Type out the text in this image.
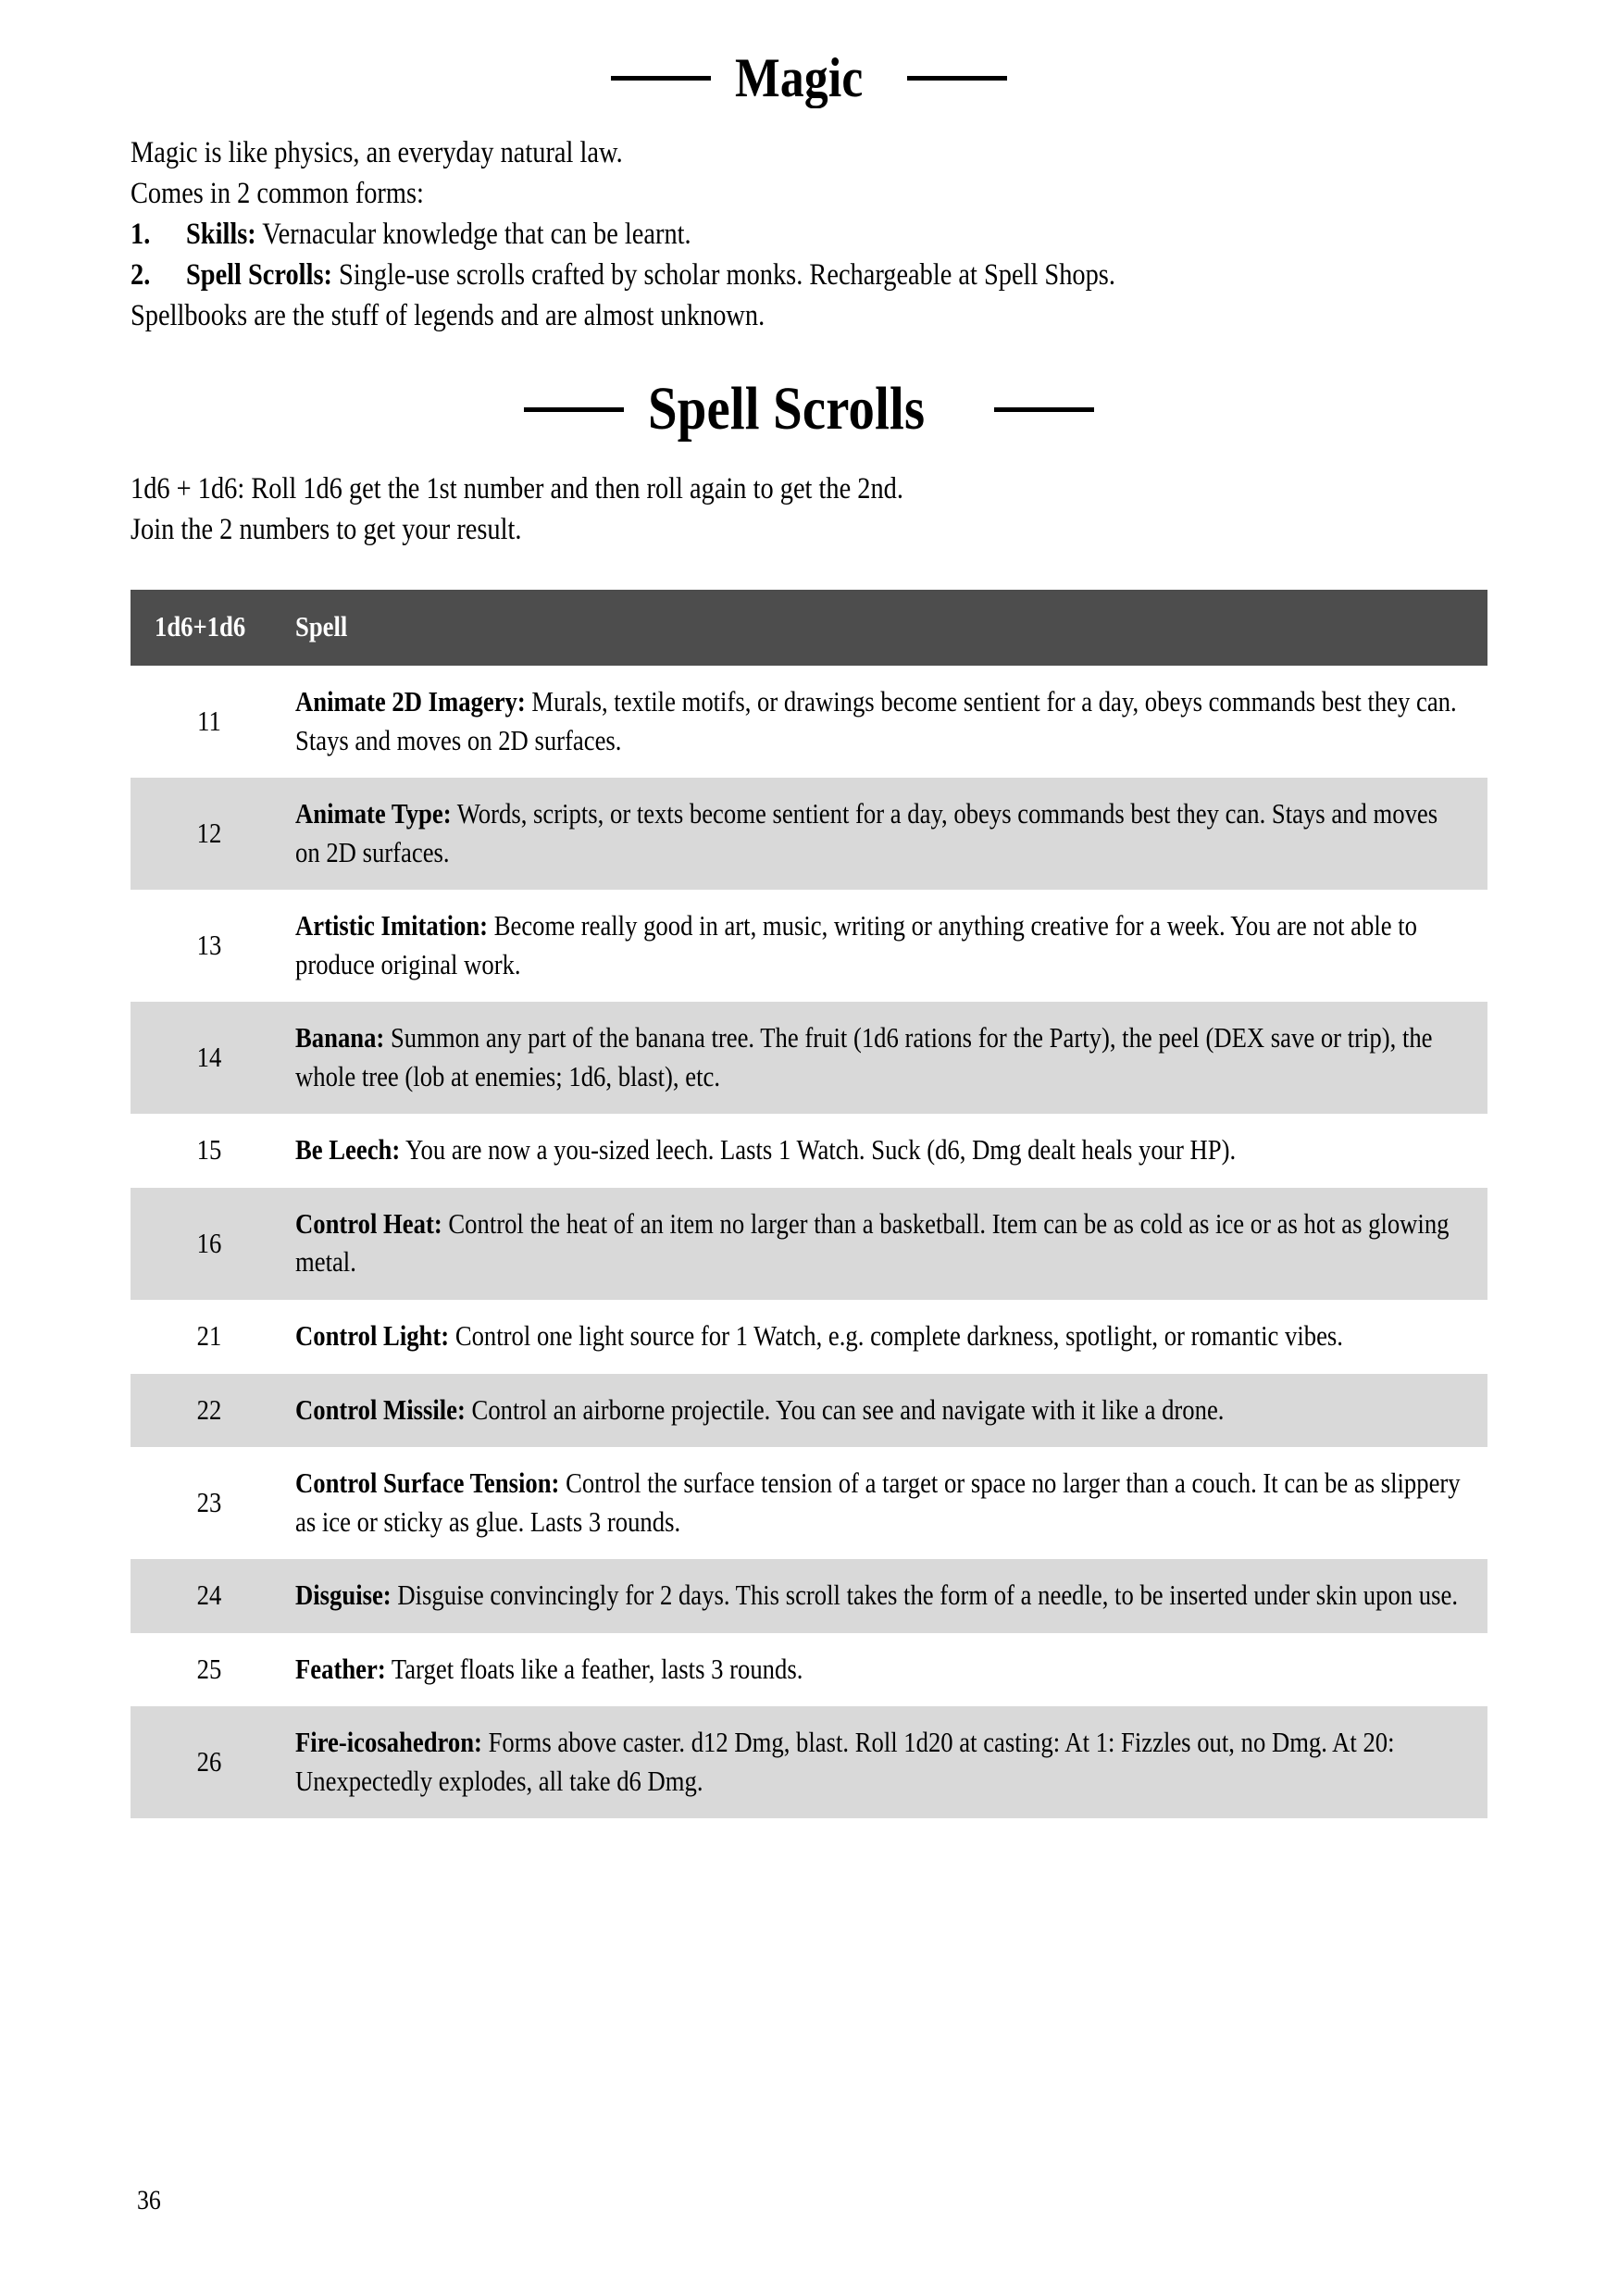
Magic
Magic is like physics, an everyday natural law.
Comes in 2 common forms:
1.	Skills: Vernacular knowledge that can be learnt.
2.	Spell Scrolls: Single-use scrolls crafted by scholar monks. Rechargeable at Spell Shops.
Spellbooks are the stuff of legends and are almost unknown.
Spell Scrolls
1d6 + 1d6: Roll 1d6 get the 1st number and then roll again to get the 2nd.
Join the 2 numbers to get your result.
1d6+1d6	Spell
11	Animate 2D Imagery: Murals, textile motifs, or drawings become sentient for a day, obeys commands best they can. Stays and moves on 2D surfaces.
12	Animate Type: Words, scripts, or texts become sentient for a day, obeys commands best they can. Stays and moves on 2D surfaces.
13	Artistic Imitation: Become really good in art, music, writing or anything creative for a week. You are not able to produce original work.
14	Banana: Summon any part of the banana tree. The fruit (1d6 rations for the Party), the peel (DEX save or trip), the whole tree (lob at enemies; 1d6, blast), etc.
15	Be Leech: You are now a you-sized leech. Lasts 1 Watch. Suck (d6, Dmg dealt heals your HP).
16	Control Heat: Control the heat of an item no larger than a basketball. Item can be as cold as ice or as hot as glowing metal.
21	Control Light: Control one light source for 1 Watch, e.g. complete darkness, spotlight, or romantic vibes.
22	Control Missile: Control an airborne projectile. You can see and navigate with it like a drone.
23	Control Surface Tension: Control the surface tension of a target or space no larger than a couch. It can be as slippery as ice or sticky as glue. Lasts 3 rounds.
24	Disguise: Disguise convincingly for 2 days. This scroll takes the form of a needle, to be inserted under skin upon use.
25	Feather: Target floats like a feather, lasts 3 rounds.
26	Fire-icosahedron: Forms above caster. d12 Dmg, blast. Roll 1d20 at casting: At 1: Fizzles out, no Dmg. At 20: Unexpectedly explodes, all take d6 Dmg.
36
